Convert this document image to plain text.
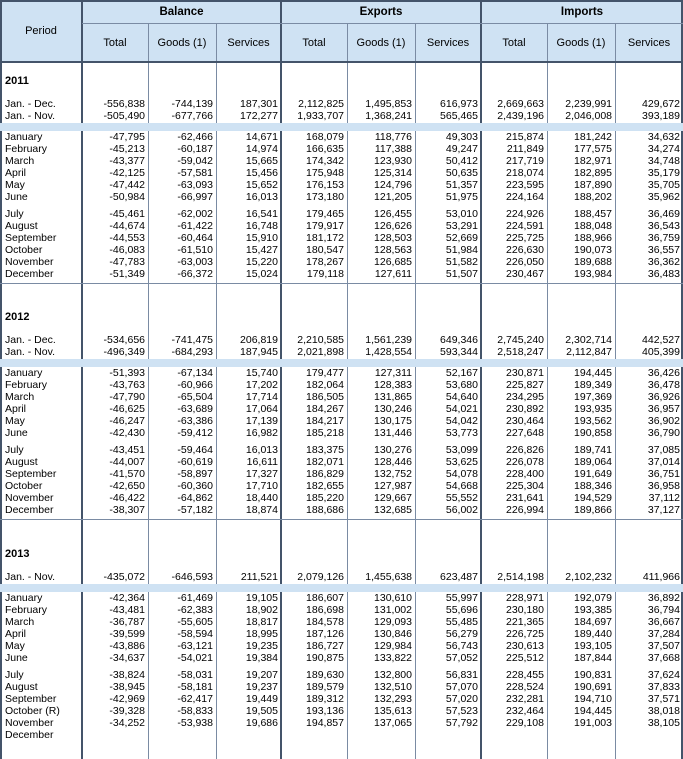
Period
Balance	Exports	Imports
Total	Goods (1)	Services	Total	Goods (1)	Services	Total	Goods (1)	Services
2011
Jan. - Dec.	-556,838	-744,139	187,301	2,112,825	1,495,853	616,973	2,669,663	2,239,991	429,672
Jan. - Nov.	-505,490	-677,766	172,277	1,933,707	1,368,241	565,465	2,439,196	2,046,008	393,189
January	-47,795	-62,466	14,671	168,079	118,776	49,303	215,874	181,242	34,632
February	-45,213	-60,187	14,974	166,635	117,388	49,247	211,849	177,575	34,274
March	-43,377	-59,042	15,665	174,342	123,930	50,412	217,719	182,971	34,748
April	-42,125	-57,581	15,456	175,948	125,314	50,635	218,074	182,895	35,179
May	-47,442	-63,093	15,652	176,153	124,796	51,357	223,595	187,890	35,705
June	-50,984	-66,997	16,013	173,180	121,205	51,975	224,164	188,202	35,962
July	-45,461	-62,002	16,541	179,465	126,455	53,010	224,926	188,457	36,469
August	-44,674	-61,422	16,748	179,917	126,626	53,291	224,591	188,048	36,543
September	-44,553	-60,464	15,910	181,172	128,503	52,669	225,725	188,966	36,759
October	-46,083	-61,510	15,427	180,547	128,563	51,984	226,630	190,073	36,557
November	-47,783	-63,003	15,220	178,267	126,685	51,582	226,050	189,688	36,362
December	-51,349	-66,372	15,024	179,118	127,611	51,507	230,467	193,984	36,483
2012
Jan. - Dec.	-534,656	-741,475	206,819	2,210,585	1,561,239	649,346	2,745,240	2,302,714	442,527
Jan. - Nov.	-496,349	-684,293	187,945	2,021,898	1,428,554	593,344	2,518,247	2,112,847	405,399
January	-51,393	-67,134	15,740	179,477	127,311	52,167	230,871	194,445	36,426
February	-43,763	-60,966	17,202	182,064	128,383	53,680	225,827	189,349	36,478
March	-47,790	-65,504	17,714	186,505	131,865	54,640	234,295	197,369	36,926
April	-46,625	-63,689	17,064	184,267	130,246	54,021	230,892	193,935	36,957
May	-46,247	-63,386	17,139	184,217	130,175	54,042	230,464	193,562	36,902
June	-42,430	-59,412	16,982	185,218	131,446	53,773	227,648	190,858	36,790
July	-43,451	-59,464	16,013	183,375	130,276	53,099	226,826	189,741	37,085
August	-44,007	-60,619	16,611	182,071	128,446	53,625	226,078	189,064	37,014
September	-41,570	-58,897	17,327	186,829	132,752	54,078	228,400	191,649	36,751
October	-42,650	-60,360	17,710	182,655	127,987	54,668	225,304	188,346	36,958
November	-46,422	-64,862	18,440	185,220	129,667	55,552	231,641	194,529	37,112
December	-38,307	-57,182	18,874	188,686	132,685	56,002	226,994	189,866	37,127
2013
Jan. - Nov.	-435,072	-646,593	211,521	2,079,126	1,455,638	623,487	2,514,198	2,102,232	411,966
January	-42,364	-61,469	19,105	186,607	130,610	55,997	228,971	192,079	36,892
February	-43,481	-62,383	18,902	186,698	131,002	55,696	230,180	193,385	36,794
March	-36,787	-55,605	18,817	184,578	129,093	55,485	221,365	184,697	36,667
April	-39,599	-58,594	18,995	187,126	130,846	56,279	226,725	189,440	37,284
May	-43,886	-63,121	19,235	186,727	129,984	56,743	230,613	193,105	37,507
June	-34,637	-54,021	19,384	190,875	133,822	57,052	225,512	187,844	37,668
July	-38,824	-58,031	19,207	189,630	132,800	56,831	228,455	190,831	37,624
August	-38,945	-58,181	19,237	189,579	132,510	57,070	228,524	190,691	37,833
September	-42,969	-62,417	19,449	189,312	132,293	57,020	232,281	194,710	37,571
October (R)	-39,328	-58,833	19,505	193,136	135,613	57,523	232,464	194,445	38,018
November	-34,252	-53,938	19,686	194,857	137,065	57,792	229,108	191,003	38,105
December
